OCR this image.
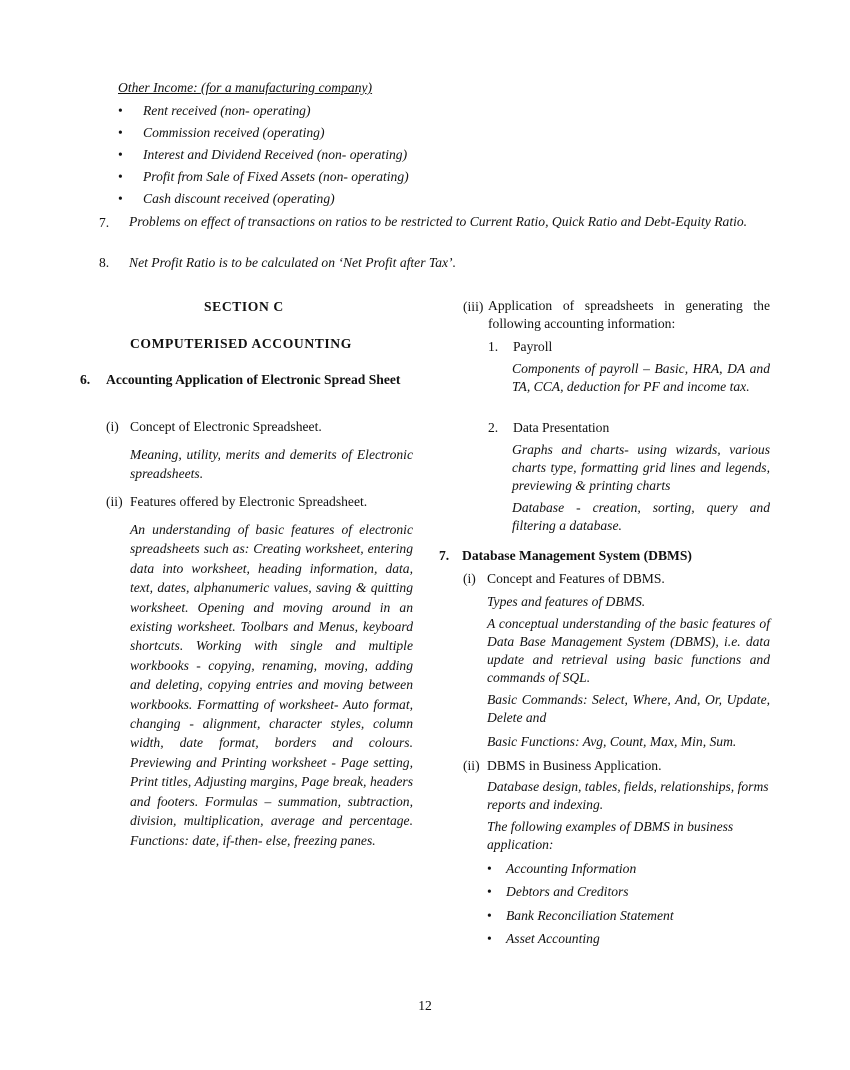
Other Income: (for a manufacturing company)
• Rent received (non- operating)
• Commission received (operating)
• Interest and Dividend Received (non- operating)
• Profit from Sale of Fixed Assets (non- operating)
• Cash discount received (operating)
7. Problems on effect of transactions on ratios to be restricted to Current Ratio, Quick Ratio and Debt-Equity Ratio.
8. Net Profit Ratio is to be calculated on ‘Net Profit after Tax’.
SECTION C
COMPUTERISED ACCOUNTING
6. Accounting Application of Electronic Spread Sheet
(i) Concept of Electronic Spreadsheet.
Meaning, utility, merits and demerits of Electronic spreadsheets.
(ii) Features offered by Electronic Spreadsheet.
An understanding of basic features of electronic spreadsheets such as: Creating worksheet, entering data into worksheet, heading information, data, text, dates, alphanumeric values, saving & quitting worksheet. Opening and moving around in an existing worksheet. Toolbars and Menus, keyboard shortcuts. Working with single and multiple workbooks - copying, renaming, moving, adding and deleting, copying entries and moving between workbooks. Formatting of worksheet- Auto format, changing - alignment, character styles, column width, date format, borders and colours. Previewing and Printing worksheet - Page setting, Print titles, Adjusting margins, Page break, headers and footers. Formulas – summation, subtraction, division, multiplication, average and percentage. Functions: date, if-then- else, freezing panes.
(iii) Application of spreadsheets in generating the following accounting information:
1. Payroll
Components of payroll – Basic, HRA, DA and TA, CCA, deduction for PF and income tax.
2. Data Presentation
Graphs and charts- using wizards, various charts type, formatting grid lines and legends, previewing & printing charts
Database - creation, sorting, query and filtering a database.
7. Database Management System (DBMS)
(i) Concept and Features of DBMS.
Types and features of DBMS.
A conceptual understanding of the basic features of Data Base Management System (DBMS), i.e. data update and retrieval using basic functions and commands of SQL.
Basic Commands: Select, Where, And, Or, Update, Delete and
Basic Functions: Avg, Count, Max, Min, Sum.
(ii) DBMS in Business Application.
Database design, tables, fields, relationships, forms reports and indexing.
The following examples of DBMS in business application:
• Accounting Information
• Debtors and Creditors
• Bank Reconciliation Statement
• Asset Accounting
12
